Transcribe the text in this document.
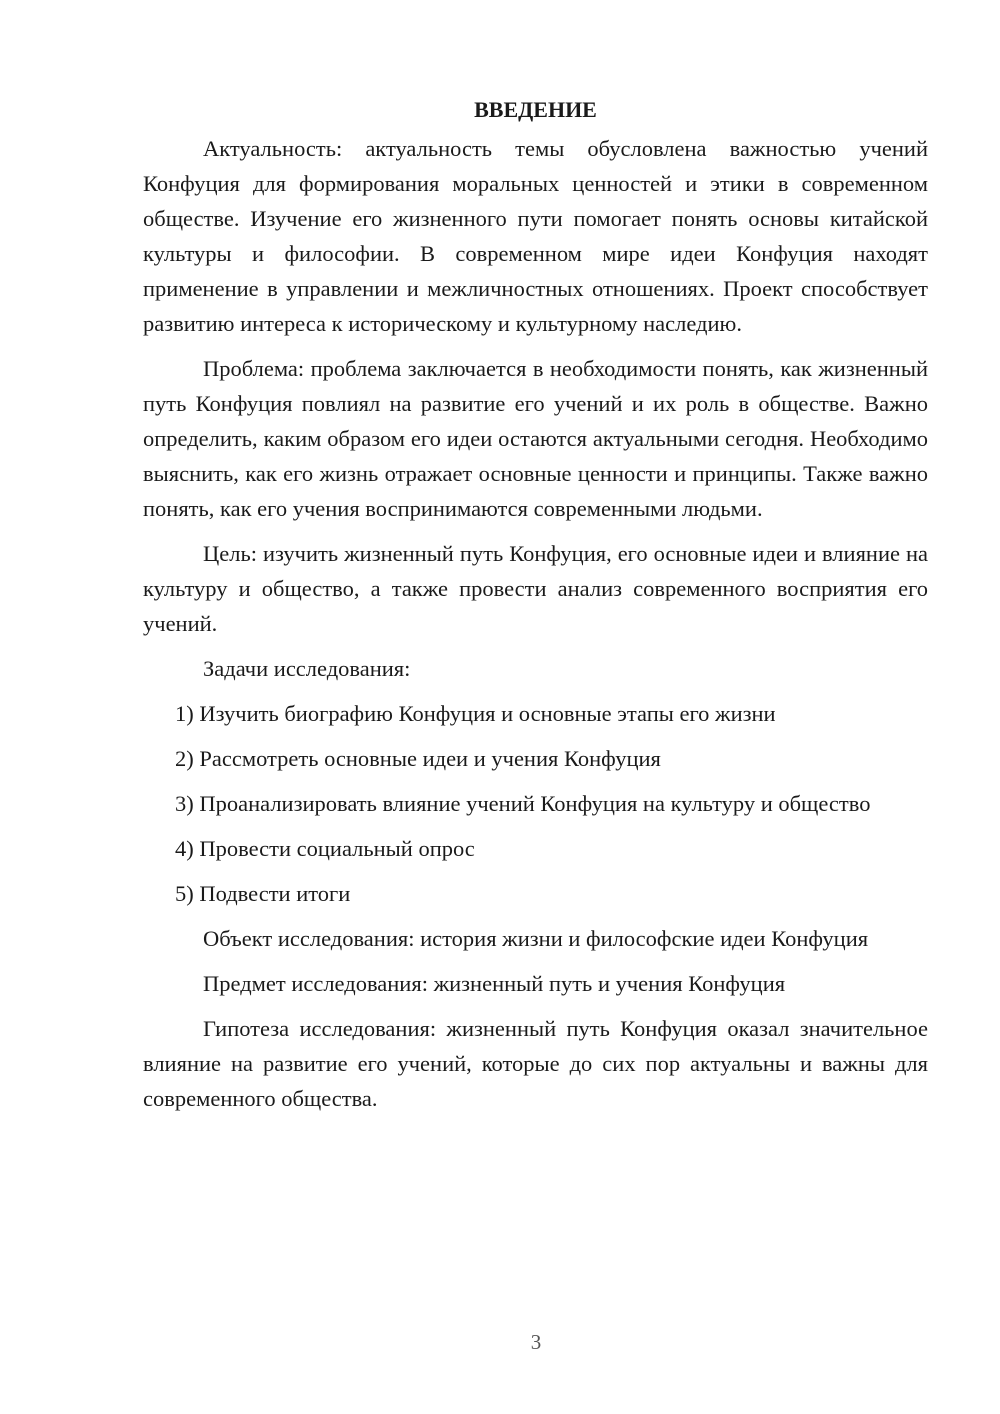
ВВЕДЕНИЕ

Актуальность: актуальность темы обусловлена важностью учений Конфуция для формирования моральных ценностей и этики в современном обществе. Изучение его жизненного пути помогает понять основы китайской культуры и философии. В современном мире идеи Конфуция находят применение в управлении и межличностных отношениях. Проект способствует развитию интереса к историческому и культурному наследию.

Проблема: проблема заключается в необходимости понять, как жизненный путь Конфуция повлиял на развитие его учений и их роль в обществе. Важно определить, каким образом его идеи остаются актуальными сегодня. Необходимо выяснить, как его жизнь отражает основные ценности и принципы. Также важно понять, как его учения воспринимаются современными людьми.

Цель: изучить жизненный путь Конфуция, его основные идеи и влияние на культуру и общество, а также провести анализ современного восприятия его учений.

Задачи исследования:

1) Изучить биографию Конфуция и основные этапы его жизни

2) Рассмотреть основные идеи и учения Конфуция

3) Проанализировать влияние учений Конфуция на культуру и общество

4) Провести социальный опрос

5) Подвести итоги

Объект исследования: история жизни и философские идеи Конфуция

Предмет исследования: жизненный путь и учения Конфуция

Гипотеза исследования: жизненный путь Конфуция оказал значительное влияние на развитие его учений, которые до сих пор актуальны и важны для современного общества.

3
